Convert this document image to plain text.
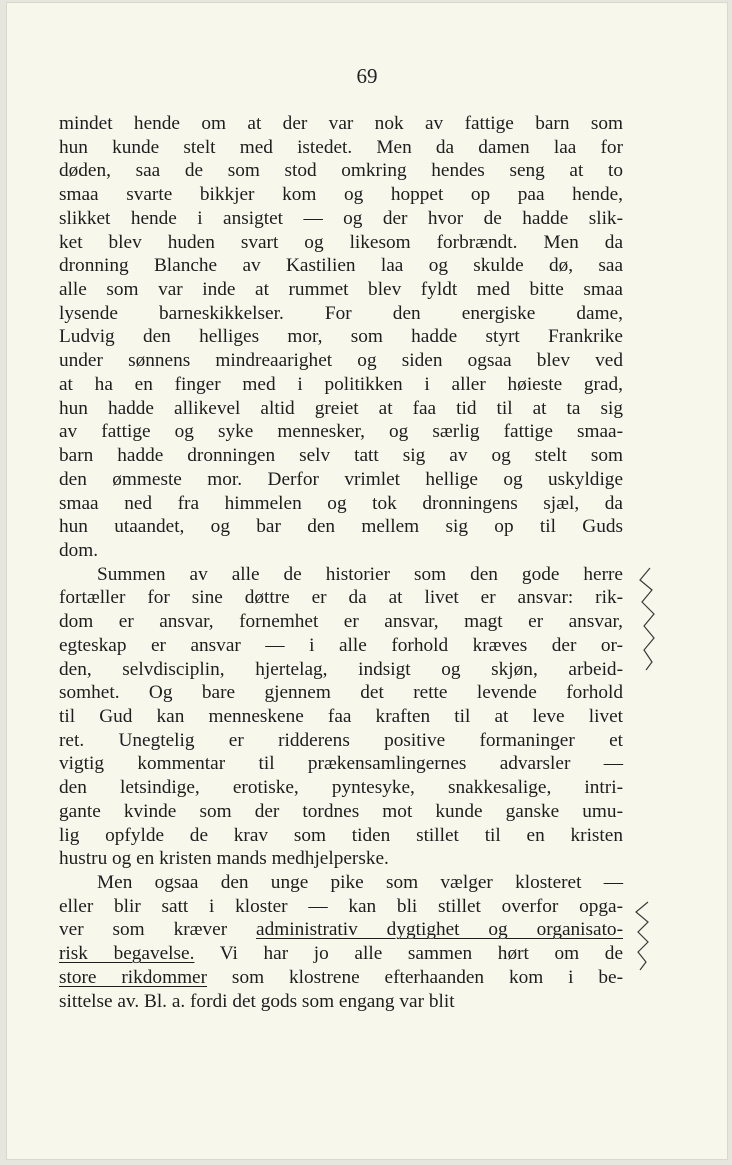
69
mindet hende om at der var nok av fattige barn som
hun kunde stelt med istedet. Men da damen laa for
døden, saa de som stod omkring hendes seng at to
smaa svarte bikkjer kom og hoppet op paa hende,
slikket hende i ansigtet — og der hvor de hadde slik-
ket blev huden svart og likesom forbrændt. Men da
dronning Blanche av Kastilien laa og skulde dø, saa
alle som var inde at rummet blev fyldt med bitte smaa
lysende barneskikkelser. For den energiske dame,
Ludvig den helliges mor, som hadde styrt Frankrike
under sønnens mindreaarighet og siden ogsaa blev ved
at ha en finger med i politikken i aller høieste grad,
hun hadde allikevel altid greiet at faa tid til at ta sig
av fattige og syke mennesker, og særlig fattige smaa-
barn hadde dronningen selv tatt sig av og stelt som
den ømmeste mor. Derfor vrimlet hellige og uskyldige
smaa ned fra himmelen og tok dronningens sjæl, da
hun utaandet, og bar den mellem sig op til Guds
dom.
Summen av alle de historier som den gode herre
fortæller for sine døttre er da at livet er ansvar: rik-
dom er ansvar, fornemhet er ansvar, magt er ansvar,
egteskap er ansvar — i alle forhold kræves der or-
den, selvdisciplin, hjertelag, indsigt og skjøn, arbeid-
somhet. Og bare gjennem det rette levende forhold
til Gud kan menneskene faa kraften til at leve livet
ret. Unegtelig er ridderens positive formaninger et
vigtig kommentar til prækensamlingernes advarsler —
den letsindige, erotiske, pyntesyke, snakkesalige, intri-
gante kvinde som der tordnes mot kunde ganske umu-
lig opfylde de krav som tiden stillet til en kristen
hustru og en kristen mands medhjelperske.
Men ogsaa den unge pike som vælger klosteret —
eller blir satt i kloster — kan bli stillet overfor opga-
ver som kræver administrativ dygtighet og organisato-
risk begavelse. Vi har jo alle sammen hørt om de
store rikdommer som klostrene efterhaanden kom i be-
sittelse av. Bl. a. fordi det gods som engang var blit
